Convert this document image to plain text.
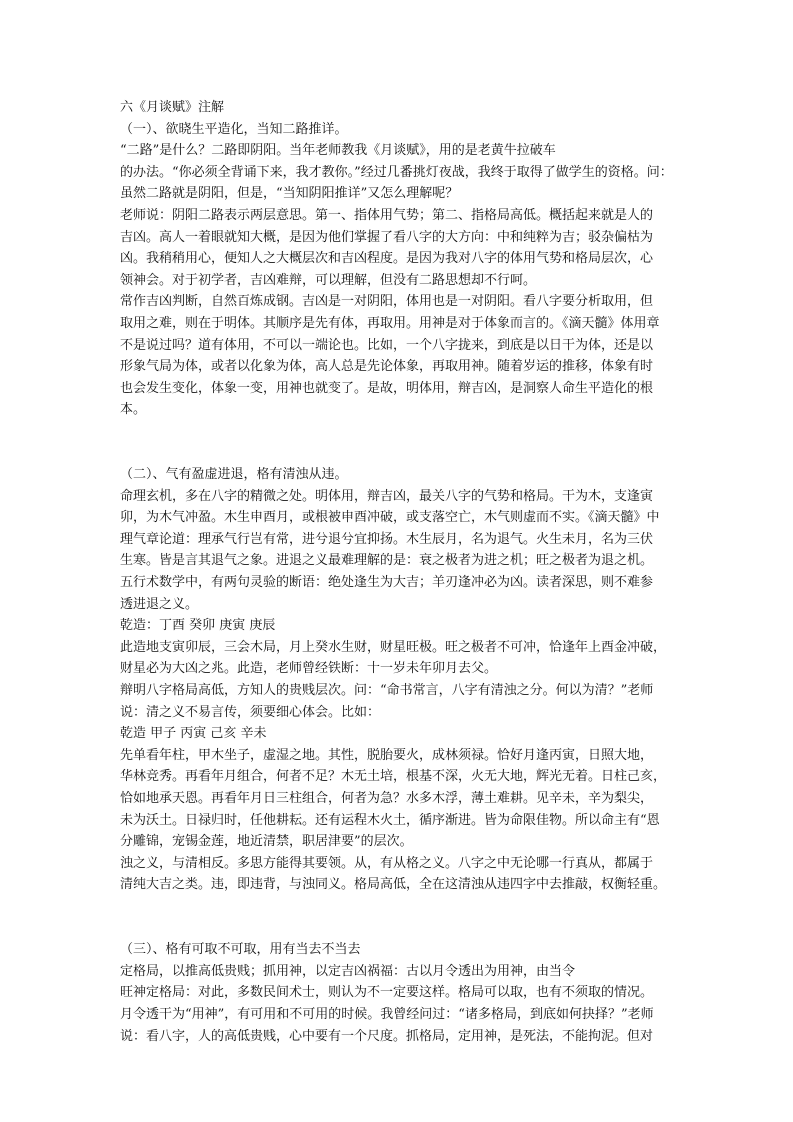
六《月谈赋》注解
（一）、欲晓生平造化，当知二路推详。
“二路”是什么？二路即阴阳。当年老师教我《月谈赋》，用的是老黄牛拉破车
的办法。“你必须全背诵下来，我才教你。”经过几番挑灯夜战，我终于取得了做学生的资格。问：
虽然二路就是阴阳，但是，“当知阴阳推详”又怎么理解呢？
老师说：阴阳二路表示两层意思。第一、指体用气势；第二、指格局高低。概括起来就是人的
吉凶。高人一着眼就知大概，是因为他们掌握了看八字的大方向：中和纯粹为吉；驳杂偏枯为
凶。我稍稍用心，便知人之大概层次和吉凶程度。是因为我对八字的体用气势和格局层次，心
领神会。对于初学者，吉凶难辩，可以理解，但没有二路思想却不行呵。
常作吉凶判断，自然百炼成钢。吉凶是一对阴阳，体用也是一对阴阳。看八字要分析取用，但
取用之难，则在于明体。其顺序是先有体，再取用。用神是对于体象而言的。《滴天髓》体用章
不是说过吗？道有体用，不可以一端论也。比如，一个八字拢来，到底是以日干为体，还是以
形象气局为体，或者以化象为体，高人总是先论体象，再取用神。随着岁运的推移，体象有时
也会发生变化，体象一变，用神也就变了。是故，明体用，辩吉凶，是洞察人命生平造化的根
本。
（二）、气有盈虚进退，格有清浊从违。
命理玄机，多在八字的精微之处。明体用，辩吉凶，最关八字的气势和格局。干为木，支逢寅
卯，为木气冲盈。木生申酉月，或根被申酉冲破，或支落空亡，木气则虚而不实。《滴天髓》中
理气章论道：理承气行岂有常，进兮退兮宜抑扬。木生辰月，名为退气。火生未月，名为三伏
生寒。皆是言其退气之象。进退之义最难理解的是：衰之极者为进之机；旺之极者为退之机。
五行术数学中，有两句灵验的断语：绝处逢生为大吉；羊刃逢冲必为凶。读者深思，则不难参
透进退之义。
乾造：丁酉 癸卯 庚寅 庚辰
此造地支寅卯辰，三会木局，月上癸水生财，财星旺极。旺之极者不可冲，恰逢年上酉金冲破，
财星必为大凶之兆。此造，老师曾经铁断：十一岁未年卯月去父。
辩明八字格局高低，方知人的贵贱层次。问：“命书常言，八字有清浊之分。何以为清？”老师
说：清之义不易言传，须要细心体会。比如：
乾造 甲子 丙寅 己亥 辛未
先单看年柱，甲木坐子，虚湿之地。其性，脱胎要火，成林须禄。恰好月逢丙寅，日照大地，
华林竞秀。再看年月组合，何者不足？木无土培，根基不深，火无大地，辉光无着。日柱己亥，
恰如地承天恩。再看年月日三柱组合，何者为急？水多木浮，薄土难耕。见辛未，辛为梨尖，
未为沃土。日禄归时，任他耕耘。还有运程木火土，循序渐进。皆为命限佳物。所以命主有“恩
分雕锦，宠锡金莲，地近清禁，职居津要”的层次。
浊之义，与清相反。多思方能得其要领。从，有从格之义。八字之中无论哪一行真从，都属于
清纯大吉之类。违，即违背，与浊同义。格局高低，全在这清浊从违四字中去推敲，权衡轻重。
（三）、格有可取不可取，用有当去不当去
定格局，以推高低贵贱；抓用神，以定吉凶祸福：古以月令透出为用神，由当令
旺神定格局：对此，多数民间术士，则认为不一定要这样。格局可以取，也有不须取的情况。
月令透干为“用神”，有可用和不可用的时候。我曾经问过：“诸多格局，到底如何抉择？”老师
说：看八字，人的高低贵贱，心中要有一个尺度。抓格局，定用神，是死法，不能拘泥。但对
